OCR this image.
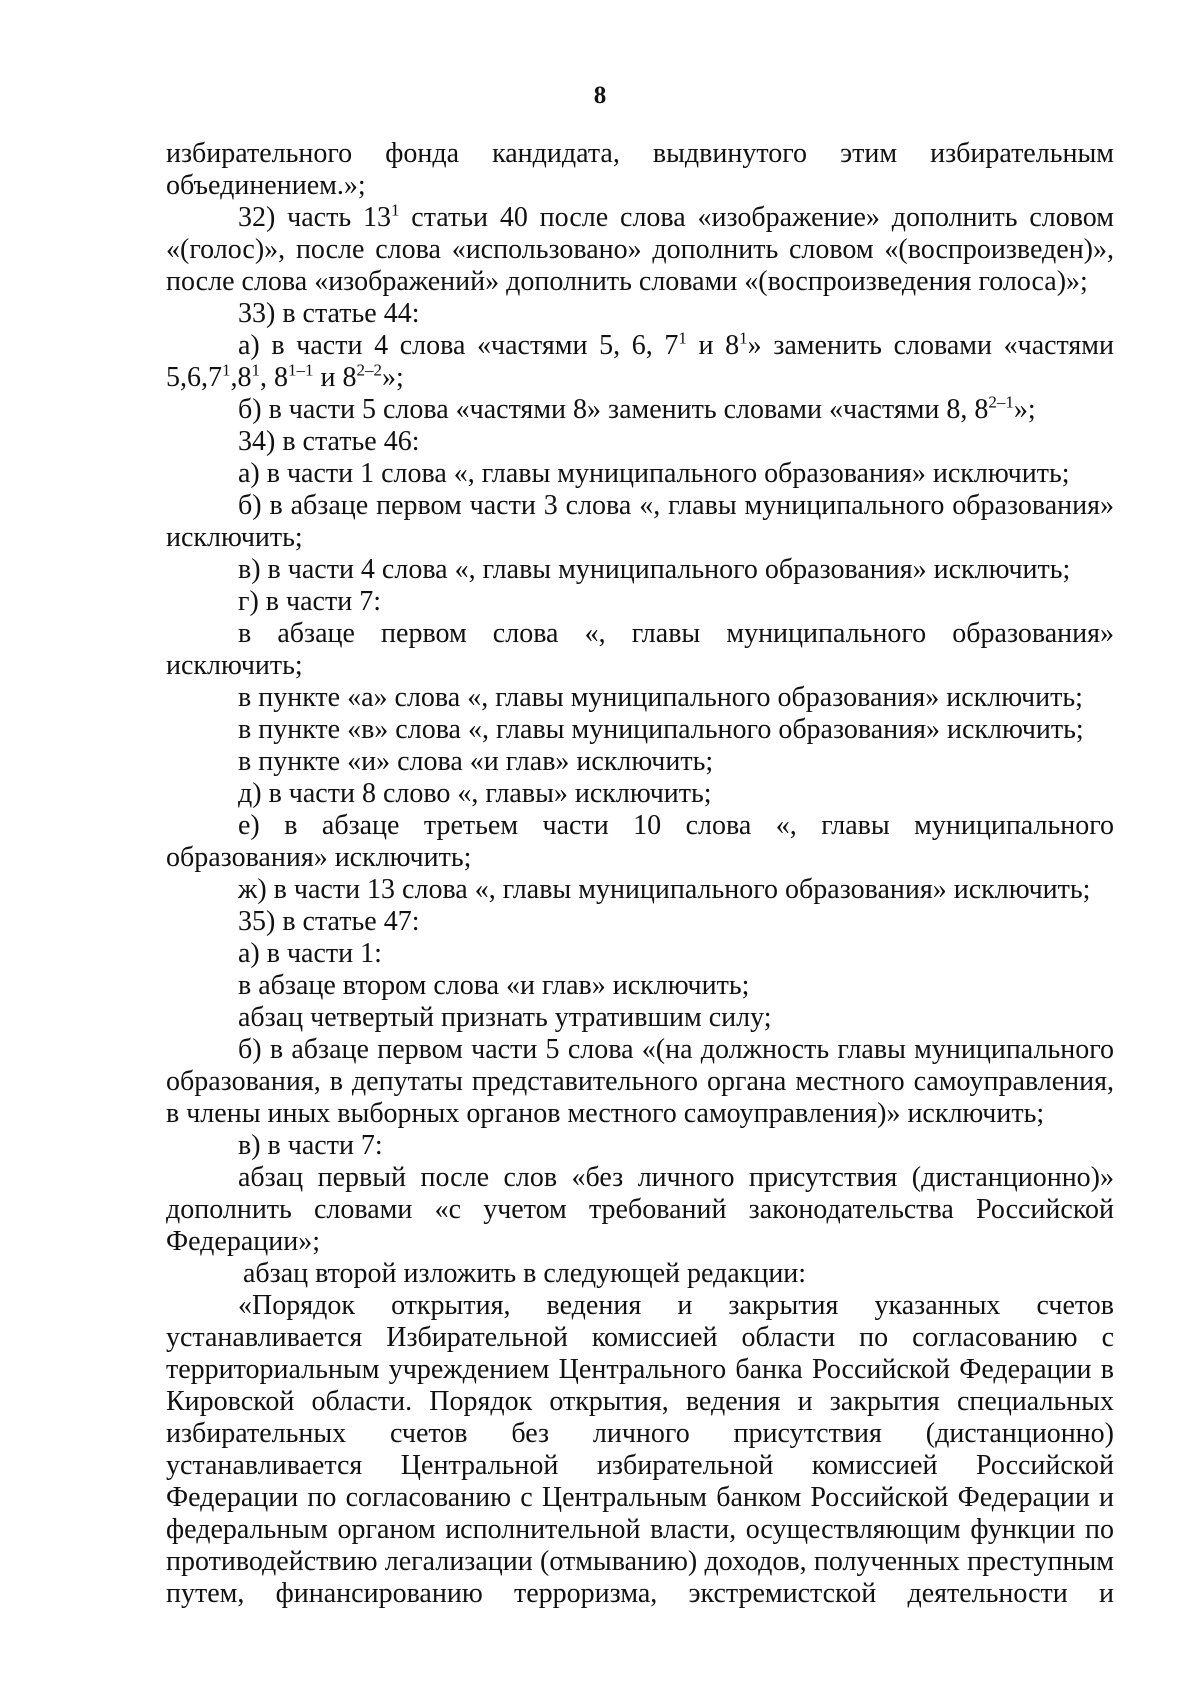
8

избирательного фонда кандидата, выдвинутого этим избирательным

объединением.»;

32) часть $13^1$ статьи 40 после слова «изображение» дополнить словом «(голос)», после слова «использовано» дополнить словом «(воспроизведен)», после слова «изображений» дополнить словами «(воспроизведения голоса)»;

33) в статье 44:

а) в части 4 слова «частями 5, 6, $7^1$ и $8^1$» заменить словами «частями $5,6,7^1,8^1$, 8$^{1-1}$ и 8$^{2-2}$»;

б) в части 5 слова «частями 8» заменить словами «частями 8, 8$^{2-1}$»;

34) в статье 46:

а) в части 1 слова «, главы муниципального образования» исключить;

б) в абзаце первом части 3 слова «, главы муниципального образования» исключить;

в) в части 4 слова «, главы муниципального образования» исключить;

г) в части 7:

в абзаце первом слова «, главы муниципального образования» исключить;

в пункте «а» слова «, главы муниципального образования» исключить;

в пункте «в» слова «, главы муниципального образования» исключить;

в пункте «и» слова «и глав» исключить;

д) в части 8 слово «, главы» исключить;

е) в абзаце третьем части 10 слова «, главы муниципального образования» исключить;

ж) в части 13 слова «, главы муниципального образования» исключить;

35) в статье 47:

а) в части 1:

в абзаце втором слова «и глав» исключить;

абзац четвертый признать утратившим силу;

б) в абзаце первом части 5 слова «(на должность главы муниципального образования, в депутаты представительного органа местного самоуправления, в члены иных выборных органов местного самоуправления)» исключить;

в) в части 7:

абзац первый после слов «без личного присутствия (дистанционно)» дополнить словами «с учетом требований законодательства Российской Федерации»;

абзац второй изложить в следующей редакции:

«Порядок открытия, ведения и закрытия указанных счетов устанавливается Избирательной комиссией области по согласованию с территориальным учреждением Центрального банка Российской Федерации в Кировской области. Порядок открытия, ведения и закрытия специальных избирательных счетов без личного присутствия (дистанционно) устанавливается Центральной избирательной комиссией Российской Федерации по согласованию с Центральным банком Российской Федерации и федеральным органом исполнительной власти, осуществляющим функции по противодействию легализации (отмыванию) доходов, полученных преступным путем, финансированию терроризма, экстремистской деятельности и
